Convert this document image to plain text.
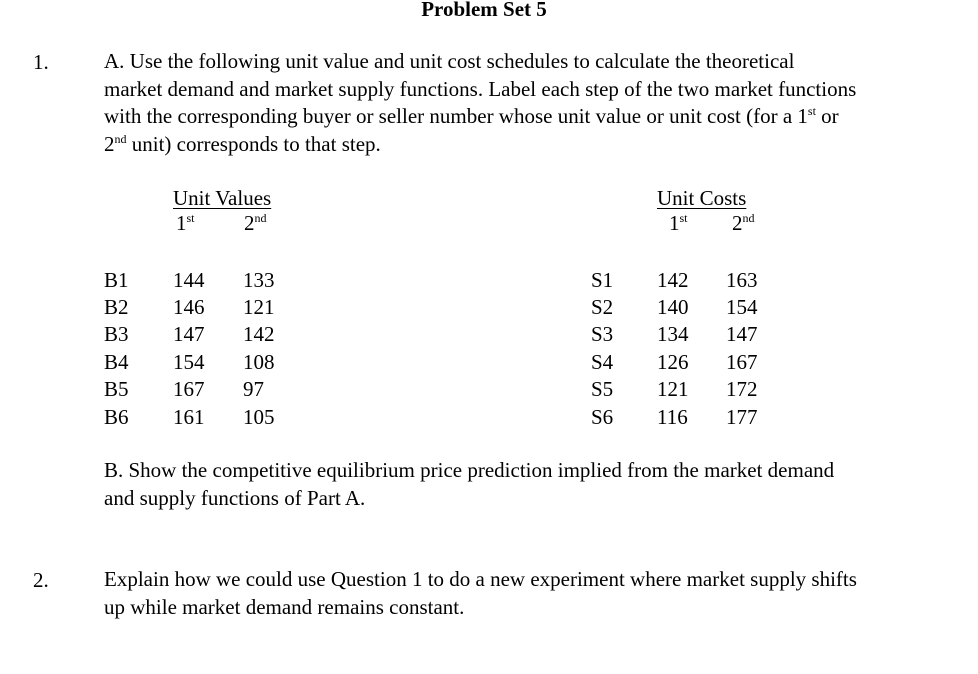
Problem Set 5
1.	A. Use the following unit value and unit cost schedules to calculate the theoretical
market demand and market supply functions. Label each step of the two market functions
with the corresponding buyer or seller number whose unit value or unit cost (for a 1st or
2nd unit) corresponds to that step.
Unit Values
1st 2nd
B1 144 133
B2 146 121
B3 147 142
B4 154 108
B5 167 97
B6 161 105
Unit Costs
1st 2nd
S1 142 163
S2 140 154
S3 134 147
S4 126 167
S5 121 172
S6 116 177
B. Show the competitive equilibrium price prediction implied from the market demand
and supply functions of Part A.
2.	Explain how we could use Question 1 to do a new experiment where market supply shifts
up while market demand remains constant.
